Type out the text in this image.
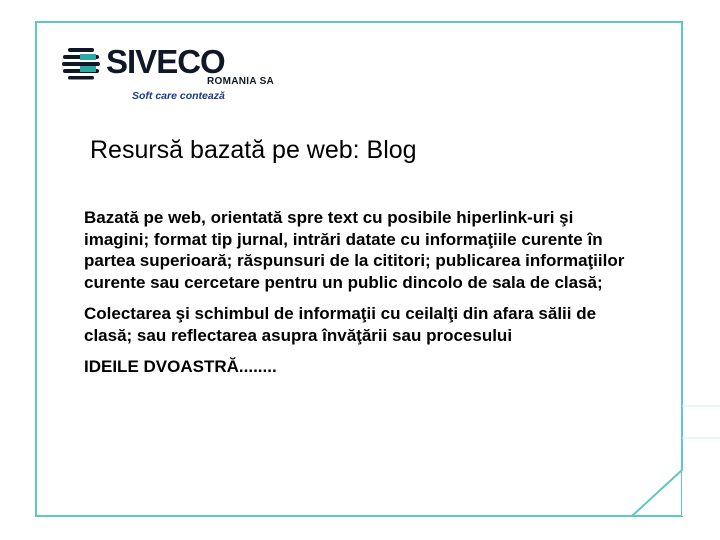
SIVECO
ROMANIA SA
Soft care contează
Resursă bazată pe web: Blog

Bazată pe web, orientată spre text cu posibile hiperlink-uri şi imagini; format tip jurnal, intrări datate cu informaţiile curente în partea superioară; răspunsuri de la cititori; publicarea informaţiilor curente sau cercetare pentru un public dincolo de sala de clasă;

Colectarea şi schimbul de informaţii cu ceilalţi din afara sălii de clasă; sau reflectarea asupra învăţării sau procesului

IDEILE DVOASTRĂ........
